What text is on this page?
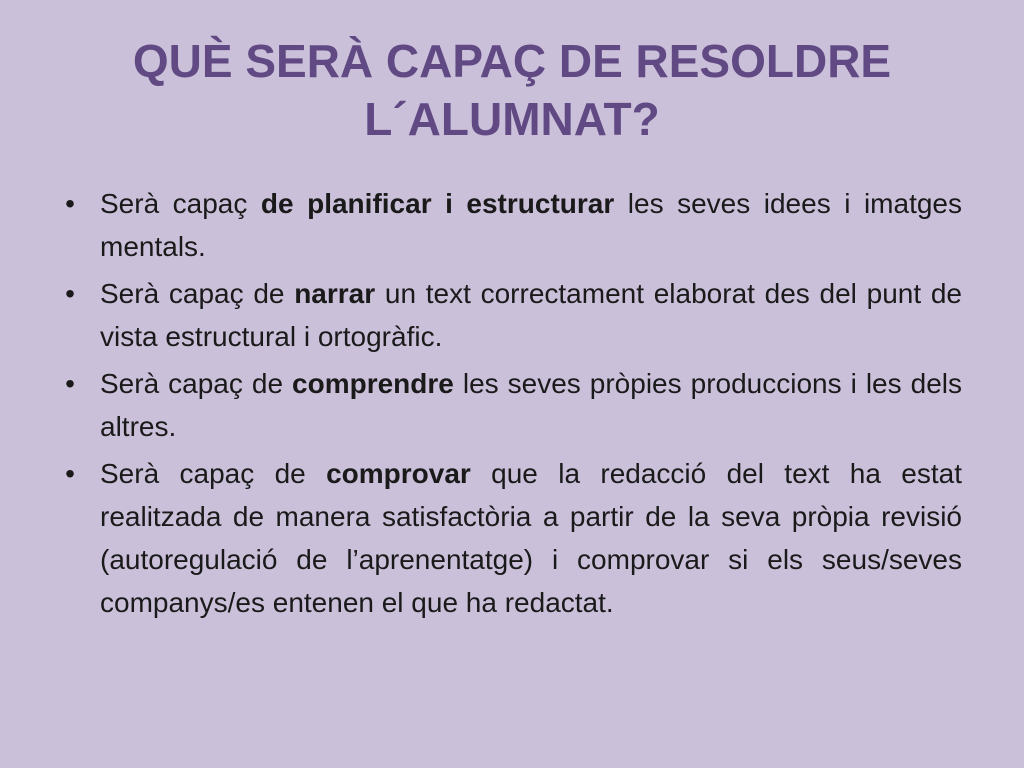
QUÈ SERÀ CAPAÇ DE RESOLDRE
L´ALUMNAT?
• Serà capaç de planificar i estructurar les seves idees i imatges mentals.
• Serà capaç de narrar un text correctament elaborat des del punt de vista estructural i ortogràfic.
• Serà capaç de comprendre les seves pròpies produccions i les dels altres.
• Serà capaç de comprovar que la redacció del text ha estat realitzada de manera satisfactòria a partir de la seva pròpia revisió (autoregulació de l’aprenentatge) i comprovar si els seus/seves companys/es entenen el que ha redactat.
